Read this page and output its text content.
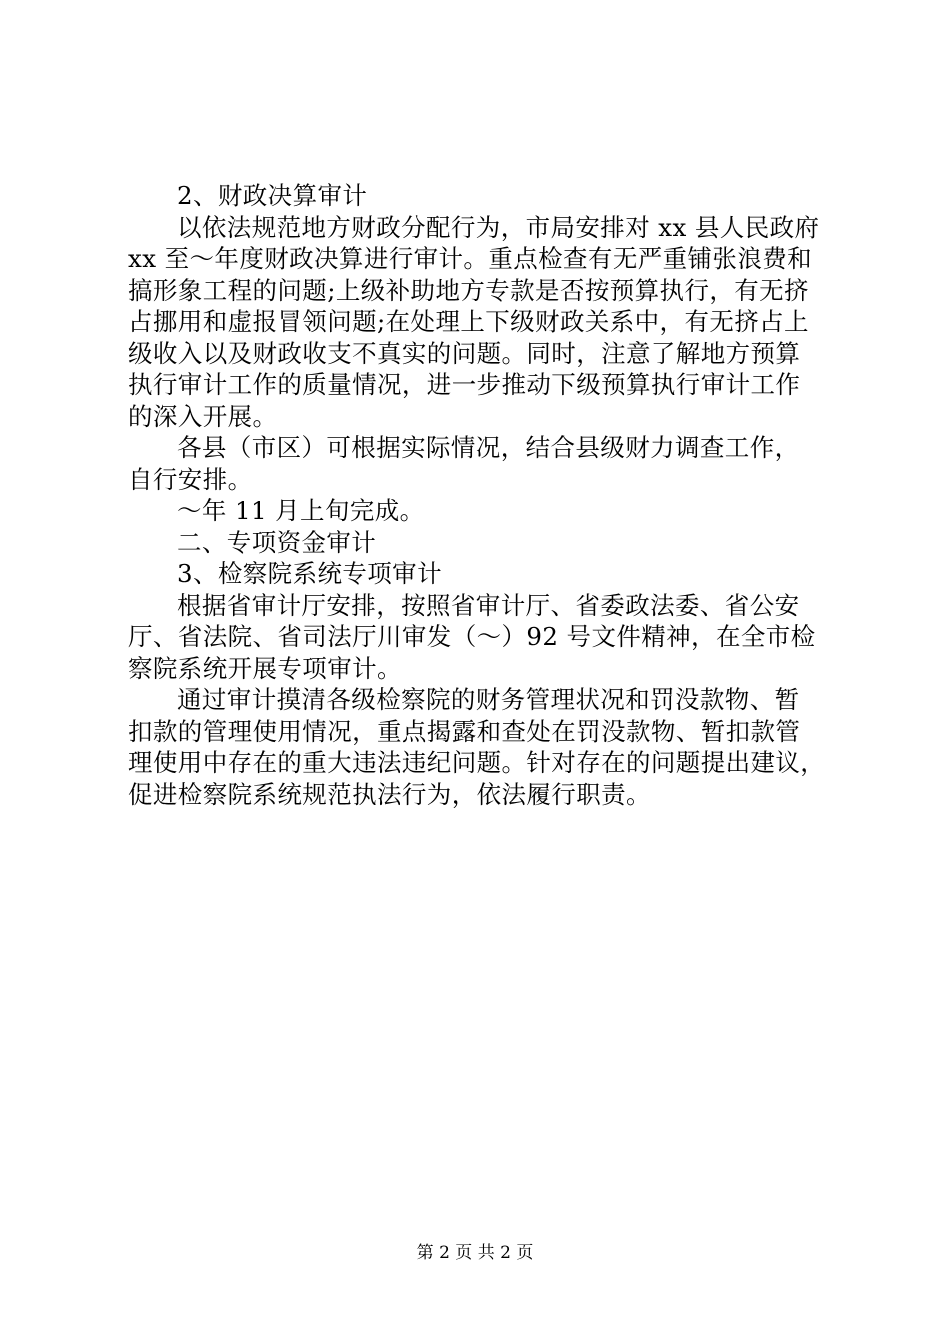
2、财政决算审计
以依法规范地方财政分配行为，市局安排对 xx 县人民政府
xx 至～年度财政决算进行审计。重点检查有无严重铺张浪费和
搞形象工程的问题;上级补助地方专款是否按预算执行，有无挤
占挪用和虚报冒领问题;在处理上下级财政关系中，有无挤占上
级收入以及财政收支不真实的问题。同时，注意了解地方预算
执行审计工作的质量情况，进一步推动下级预算执行审计工作
的深入开展。
各县（市区）可根据实际情况，结合县级财力调查工作，
自行安排。
～年 11 月上旬完成。
二、专项资金审计
3、检察院系统专项审计
根据省审计厅安排，按照省审计厅、省委政法委、省公安
厅、省法院、省司法厅川审发（～）92 号文件精神，在全市检
察院系统开展专项审计。
通过审计摸清各级检察院的财务管理状况和罚没款物、暂
扣款的管理使用情况，重点揭露和查处在罚没款物、暂扣款管
理使用中存在的重大违法违纪问题。针对存在的问题提出建议，
促进检察院系统规范执法行为，依法履行职责。
第 2 页 共 2 页
